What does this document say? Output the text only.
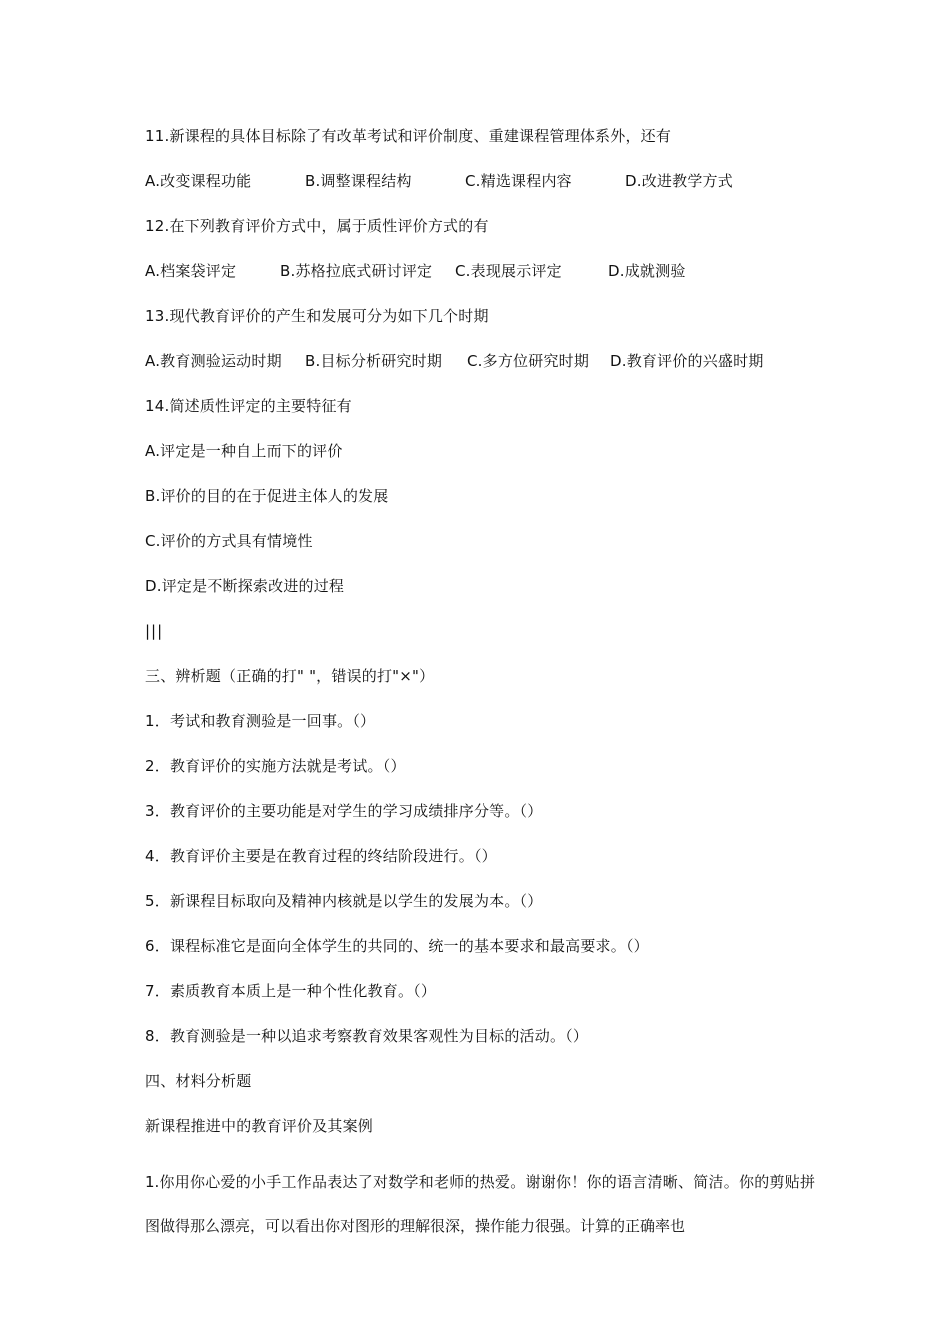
11.新课程的具体目标除了有改革考试和评价制度、重建课程管理体系外，还有
A.改变课程功能	B.调整课程结构	C.精选课程内容	D.改进教学方式
12.在下列教育评价方式中，属于质性评价方式的有
A.档案袋评定	B.苏格拉底式研讨评定 C.表现展示评定	D.成就测验
13.现代教育评价的产生和发展可分为如下几个时期
A.教育测验运动时期 B.目标分析研究时期 C.多方位研究时期 D.教育评价的兴盛时期
14.简述质性评定的主要特征有
A.评定是一种自上而下的评价
B.评价的目的在于促进主体人的发展
C.评价的方式具有情境性
D.评定是不断探索改进的过程
|||
三、辨析题（正确的打" "，错误的打"×"）
1．考试和教育测验是一回事。（）
2．教育评价的实施方法就是考试。（）
3．教育评价的主要功能是对学生的学习成绩排序分等。（）
4．教育评价主要是在教育过程的终结阶段进行。（）
5．新课程目标取向及精神内核就是以学生的发展为本。（）
6．课程标准它是面向全体学生的共同的、统一的基本要求和最高要求。（）
7．素质教育本质上是一种个性化教育。（）
8．教育测验是一种以追求考察教育效果客观性为目标的活动。（）
四、材料分析题
新课程推进中的教育评价及其案例
1.你用你心爱的小手工作品表达了对数学和老师的热爱。谢谢你！你的语言清晰、简洁。你的剪贴拼图做得那么漂亮，可以看出你对图形的理解很深，操作能力很强。计算的正确率也
